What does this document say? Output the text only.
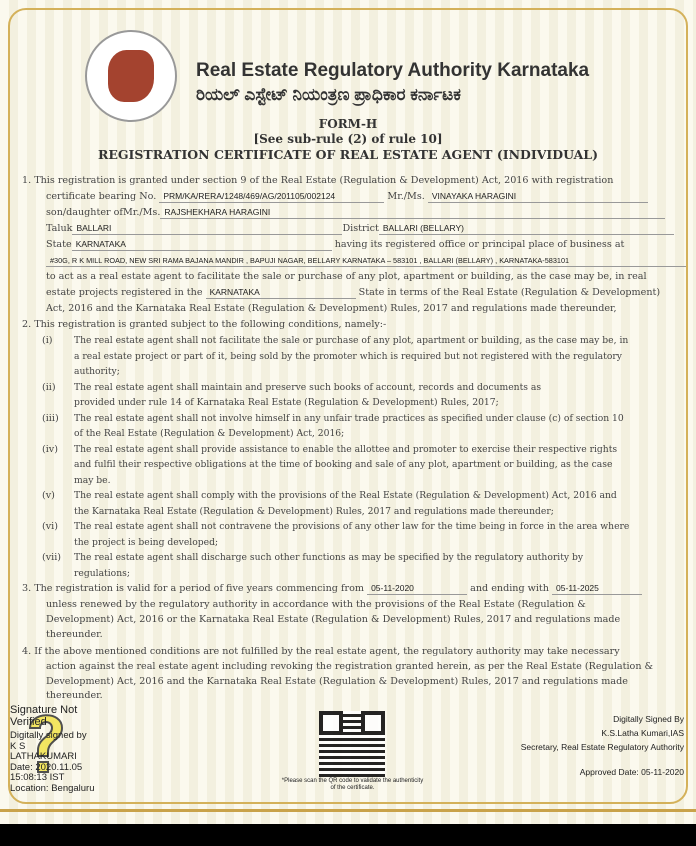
Real Estate Regulatory Authority Karnataka
ರಿಯಲ್ ಎಸ್ಟೇಟ್ ನಿಯಂತ್ರಣ ಪ್ರಾಧಿಕಾರ ಕರ್ನಾಟಕ
FORM-H
[See sub-rule (2) of rule 10]
REGISTRATION CERTIFICATE OF REAL ESTATE AGENT (INDIVIDUAL)
1. This registration is granted under section 9 of the Real Estate (Regulation & Development) Act, 2016 with registration
certificate bearing No. PRM/KA/RERA/1248/469/AG/201105/002124	Mr./Ms. VINAYAKA HARAGINI
son/daughter ofMr./Ms. RAJSHEKHARA HARAGINI
Taluk BALLARI	District BALLARI (BELLARY)
State KARNATAKA	having its registered office or principal place of business at
#30G, R K MILL ROAD, NEW SRI RAMA BAJANA MANDIR , BAPUJI NAGAR, BELLARY KARNATAKA – 583101 , BALLARI (BELLARY) , KARNATAKA-583101
to act as a real estate agent to facilitate the sale or purchase of any plot, apartment or building, as the case may be, in real
estate projects registered in the KARNATAKA	State in terms of the Real Estate (Regulation & Development)
Act, 2016 and the Karnataka Real Estate (Regulation & Development) Rules, 2017 and regulations made thereunder,
2. This registration is granted subject to the following conditions, namely:-
(i) The real estate agent shall not facilitate the sale or purchase of any plot, apartment or building, as the case may be, in
a real estate project or part of it, being sold by the promoter which is required but not registered with the regulatory
authority;
(ii) The real estate agent shall maintain and preserve such books of account, records and documents as
provided under rule 14 of Karnataka Real Estate (Regulation & Development) Rules, 2017;
(iii) The real estate agent shall not involve himself in any unfair trade practices as specified under clause (c) of section 10
of the Real Estate (Regulation & Development) Act, 2016;
(iv) The real estate agent shall provide assistance to enable the allottee and promoter to exercise their respective rights
and fulfil their respective obligations at the time of booking and sale of any plot, apartment or building, as the case
may be.
(v) The real estate agent shall comply with the provisions of the Real Estate (Regulation & Development) Act, 2016 and
the Karnataka Real Estate (Regulation & Development) Rules, 2017 and regulations made thereunder;
(vi) The real estate agent shall not contravene the provisions of any other law for the time being in force in the area where
the project is being developed;
(vii) The real estate agent shall discharge such other functions as may be specified by the regulatory authority by
regulations;
3. The registration is valid for a period of five years commencing from 05-11-2020	and ending with 05-11-2025
unless renewed by the regulatory authority in accordance with the provisions of the Real Estate (Regulation &
Development) Act, 2016 or the Karnataka Real Estate (Regulation & Development) Rules, 2017 and regulations made
thereunder.
4. If the above mentioned conditions are not fulfilled by the real estate agent, the regulatory authority may take necessary
action against the real estate agent including revoking the registration granted herein, as per the Real Estate (Regulation &
Development) Act, 2016 and the Karnataka Real Estate (Regulation & Development) Rules, 2017 and regulations made
thereunder.
Signature Not Verified
Digitally signed by
K S
LATHAKUMARI
Date: 2020.11.05
15:08:13 IST
Location: Bengaluru
*Please scan the QR code to validate the authenticity of the certificate.
Digitally Signed By
K.S.Latha Kumari,IAS
Secretary, Real Estate Regulatory Authority
Approved Date: 05-11-2020
